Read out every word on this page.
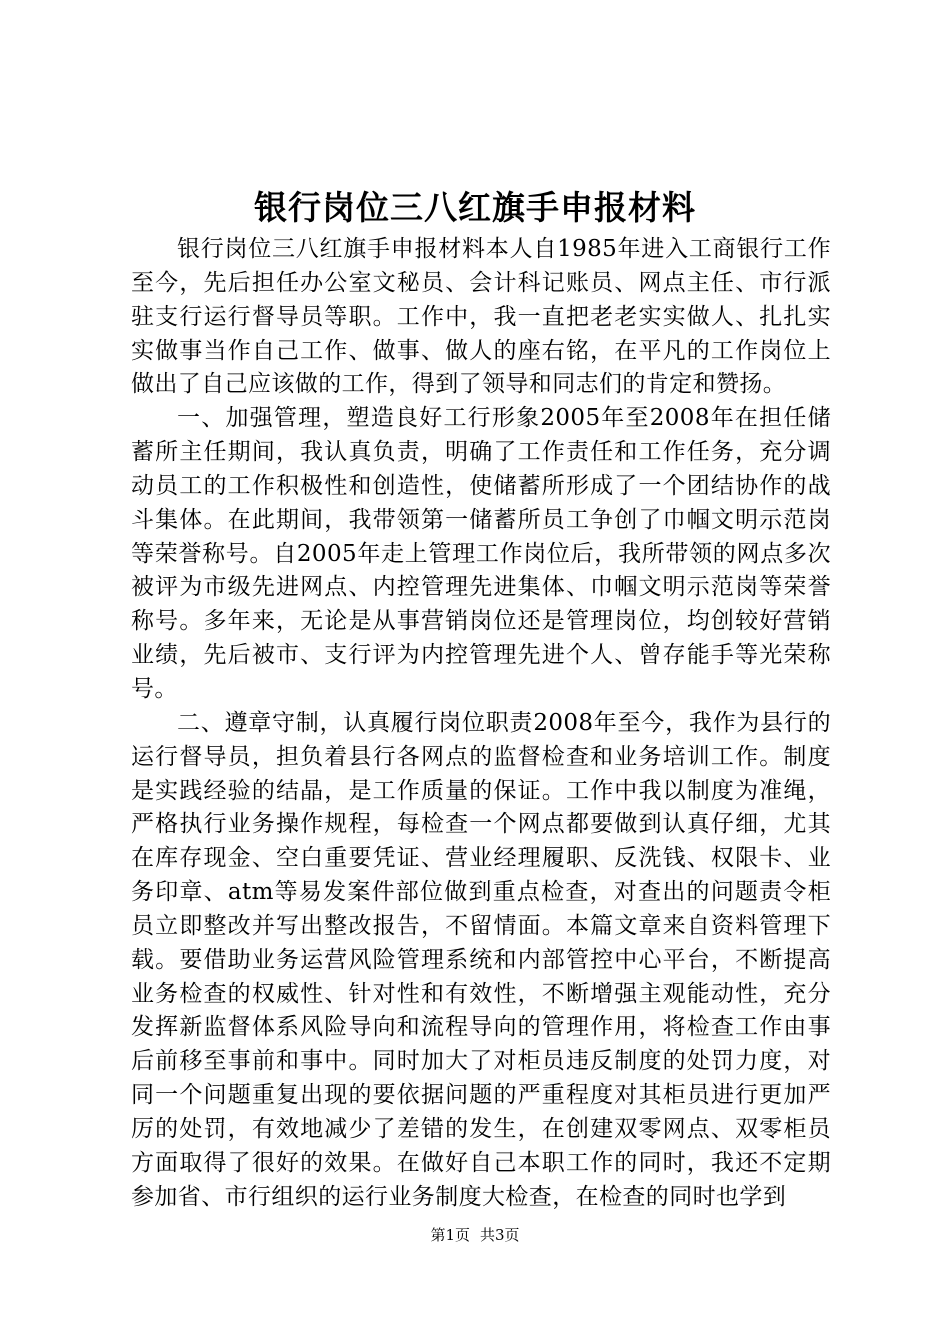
银行岗位三八红旗手申报材料

银行岗位三八红旗手申报材料本人自1985年进入工商银行工作至今，先后担任办公室文秘员、会计科记账员、网点主任、市行派驻支行运行督导员等职。工作中，我一直把老老实实做人、扎扎实实做事当作自己工作、做事、做人的座右铭，在平凡的工作岗位上做出了自己应该做的工作，得到了领导和同志们的肯定和赞扬。

一、加强管理，塑造良好工行形象2005年至2008年在担任储蓄所主任期间，我认真负责，明确了工作责任和工作任务，充分调动员工的工作积极性和创造性，使储蓄所形成了一个团结协作的战斗集体。在此期间，我带领第一储蓄所员工争创了巾帼文明示范岗等荣誉称号。自2005年走上管理工作岗位后，我所带领的网点多次被评为市级先进网点、内控管理先进集体、巾帼文明示范岗等荣誉称号。多年来，无论是从事营销岗位还是管理岗位，均创较好营销业绩，先后被市、支行评为内控管理先进个人、曾存能手等光荣称号。

二、遵章守制，认真履行岗位职责2008年至今，我作为县行的运行督导员，担负着县行各网点的监督检查和业务培训工作。制度是实践经验的结晶，是工作质量的保证。工作中我以制度为准绳，严格执行业务操作规程，每检查一个网点都要做到认真仔细，尤其在库存现金、空白重要凭证、营业经理履职、反洗钱、权限卡、业务印章、atm等易发案件部位做到重点检查，对查出的问题责令柜员立即整改并写出整改报告，不留情面。本篇文章来自资料管理下载。要借助业务运营风险管理系统和内部管控中心平台，不断提高业务检查的权威性、针对性和有效性，不断增强主观能动性，充分发挥新监督体系风险导向和流程导向的管理作用，将检查工作由事后前移至事前和事中。同时加大了对柜员违反制度的处罚力度，对同一个问题重复出现的要依据问题的严重程度对其柜员进行更加严厉的处罚，有效地减少了差错的发生，在创建双零网点、双零柜员方面取得了很好的效果。在做好自己本职工作的同时，我还不定期参加省、市行组织的运行业务制度大检查，在检查的同时也学到

第1页 共3页
